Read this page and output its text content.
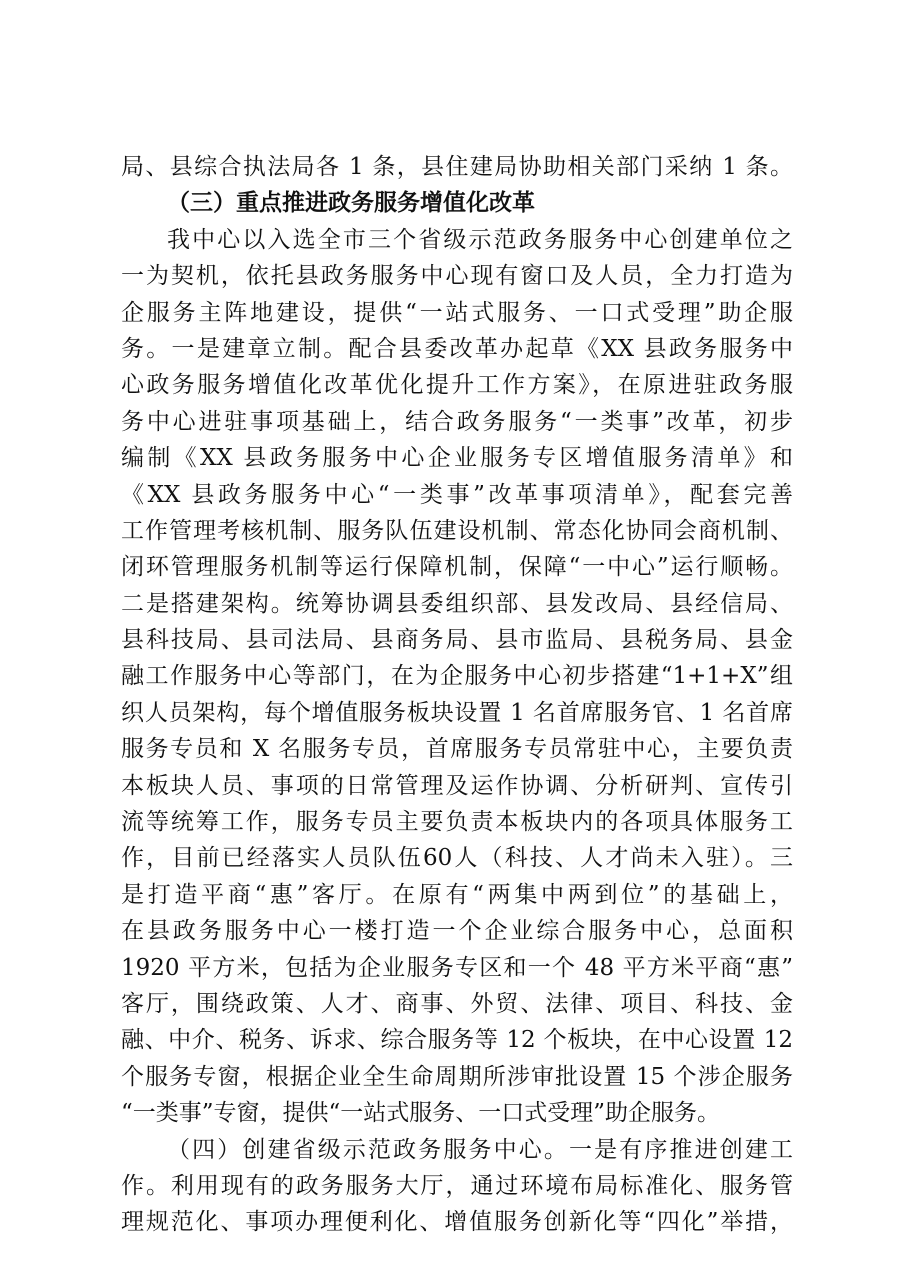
局、县综合执法局各 1 条，县住建局协助相关部门采纳 1 条。
（三）重点推进政务服务增值化改革
我中心以入选全市三个省级示范政务服务中心创建单位之
一为契机，依托县政务服务中心现有窗口及人员，全力打造为
企服务主阵地建设，提供“一站式服务、一口式受理”助企服
务。一是建章立制。配合县委改革办起草《XX 县政务服务中
心政务服务增值化改革优化提升工作方案》，在原进驻政务服
务中心进驻事项基础上，结合政务服务“一类事”改革，初步
编制《XX 县政务服务中心企业服务专区增值服务清单》和
《XX 县政务服务中心“一类事”改革事项清单》，配套完善
工作管理考核机制、服务队伍建设机制、常态化协同会商机制、
闭环管理服务机制等运行保障机制，保障“一中心”运行顺畅。
二是搭建架构。统筹协调县委组织部、县发改局、县经信局、
县科技局、县司法局、县商务局、县市监局、县税务局、县金
融工作服务中心等部门，在为企服务中心初步搭建“1+1+X”组
织人员架构，每个增值服务板块设置 1 名首席服务官、1 名首席
服务专员和 X 名服务专员，首席服务专员常驻中心，主要负责
本板块人员、事项的日常管理及运作协调、分析研判、宣传引
流等统筹工作，服务专员主要负责本板块内的各项具体服务工
作，目前已经落实人员队伍60人（科技、人才尚未入驻）。三
是打造平商“惠”客厅。在原有“两集中两到位”的基础上，
在县政务服务中心一楼打造一个企业综合服务中心，总面积
1920 平方米，包括为企业服务专区和一个 48 平方米平商“惠”
客厅，围绕政策、人才、商事、外贸、法律、项目、科技、金
融、中介、税务、诉求、综合服务等 12 个板块，在中心设置 12
个服务专窗，根据企业全生命周期所涉审批设置 15 个涉企服务
“一类事”专窗，提供“一站式服务、一口式受理”助企服务。
（四）创建省级示范政务服务中心。一是有序推进创建工
作。利用现有的政务服务大厅，通过环境布局标准化、服务管
理规范化、事项办理便利化、增值服务创新化等“四化”举措，
